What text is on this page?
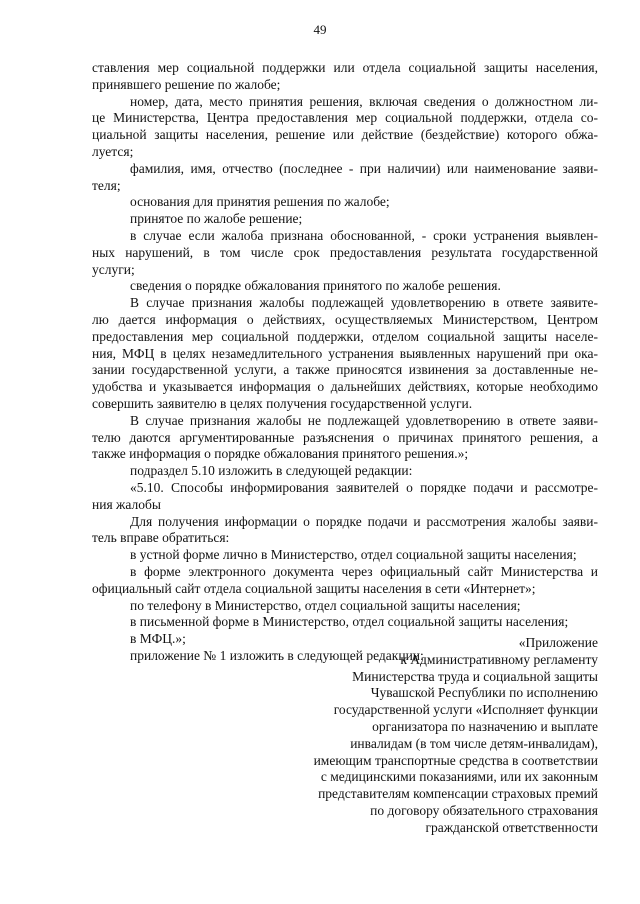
49
ставления мер социальной поддержки или отдела социальной защиты населения,
принявшего решение по жалобе;
номер, дата, место принятия решения, включая сведения о должностном ли-
це Министерства, Центра предоставления мер социальной поддержки, отдела со-
циальной защиты населения, решение или действие (бездействие) которого обжа-
луется;
фамилия, имя, отчество (последнее - при наличии) или наименование заяви-
теля;
основания для принятия решения по жалобе;
принятое по жалобе решение;
в случае если жалоба признана обоснованной, - сроки устранения выявлен-
ных нарушений, в том числе срок предоставления результата государственной
услуги;
сведения о порядке обжалования принятого по жалобе решения.
В случае признания жалобы подлежащей удовлетворению в ответе заявите-
лю дается информация о действиях, осуществляемых Министерством, Центром
предоставления мер социальной поддержки, отделом социальной защиты населе-
ния, МФЦ в целях незамедлительного устранения выявленных нарушений при ока-
зании государственной услуги, а также приносятся извинения за доставленные не-
удобства и указывается информация о дальнейших действиях, которые необходимо
совершить заявителю в целях получения государственной услуги.
В случае признания жалобы не подлежащей удовлетворению в ответе заяви-
телю даются аргументированные разъяснения о причинах принятого решения, а
также информация о порядке обжалования принятого решения.»;
подраздел 5.10 изложить в следующей редакции:
«5.10. Способы информирования заявителей о порядке подачи и рассмотре-
ния жалобы
Для получения информации о порядке подачи и рассмотрения жалобы заяви-
тель вправе обратиться:
в устной форме лично в Министерство, отдел социальной защиты населения;
в форме электронного документа через официальный сайт Министерства и
официальный сайт отдела социальной защиты населения в сети «Интернет»;
по телефону в Министерство, отдел социальной защиты населения;
в письменной форме в Министерство, отдел социальной защиты населения;
в МФЦ.»;
приложение № 1 изложить в следующей редакции:
«Приложение
к Административному регламенту
Министерства труда и социальной защиты
Чувашской Республики по исполнению
государственной услуги «Исполняет функции
организатора по назначению и выплате
инвалидам (в том числе детям-инвалидам),
имеющим транспортные средства в соответствии
с медицинскими показаниями, или их законным
представителям компенсации страховых премий
по договору обязательного страхования
гражданской ответственности
